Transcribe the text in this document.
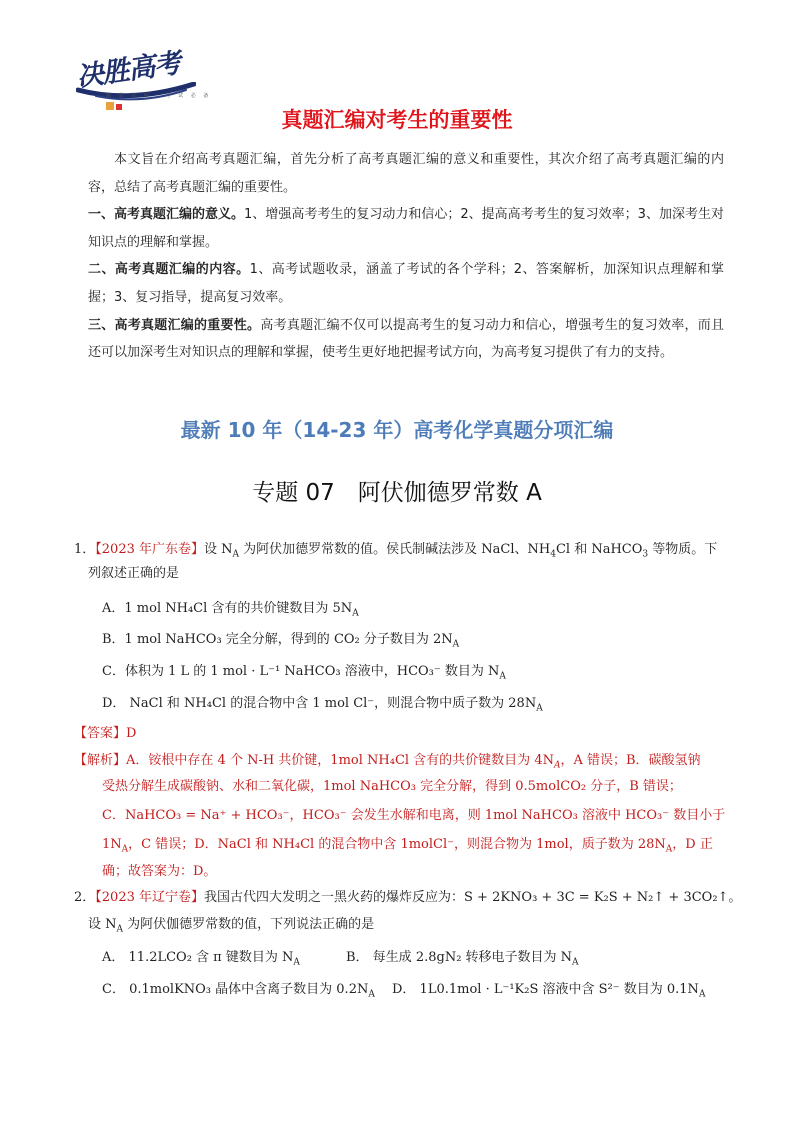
决胜高考
精 品 资 料 · 考 试 必 备
真题汇编对考生的重要性

本文旨在介绍高考真题汇编，首先分析了高考真题汇编的意义和重要性，其次介绍了高考真题汇编的内容，总结了高考真题汇编的重要性。

一、高考真题汇编的意义。1、增强高考考生的复习动力和信心；2、提高高考考生的复习效率；3、加深考生对知识点的理解和掌握。

二、高考真题汇编的内容。1、高考试题收录，涵盖了考试的各个学科；2、答案解析，加深知识点理解和掌握；3、复习指导，提高复习效率。

三、高考真题汇编的重要性。高考真题汇编不仅可以提高考生的复习动力和信心，增强考生的复习效率，而且还可以加深考生对知识点的理解和掌握，使考生更好地把握考试方向，为高考复习提供了有力的支持。

最新 10 年（14-23 年）高考化学真题分项汇编
专题 07　阿伏伽德罗常数 A
1．【2023 年广东卷】设 $N_A$ 为阿伏加德罗常数的值。侯氏制碱法涉及 NaCl、$NH_4Cl$ 和 NaHCO$_3$ 等物质。下
列叙述正确的是
A．1 mol NH₄Cl 含有的共价键数目为 $5N_A$
B．1 mol NaHCO₃ 完全分解，得到的 CO₂ 分子数目为 $2N_A$
C．体积为 1 L 的 1 mol · L⁻¹ NaHCO₃ 溶液中，HCO₃⁻ 数目为 $N_A$
D． NaCl 和 NH₄Cl 的混合物中含 1 mol Cl⁻，则混合物中质子数为 $28N_A$
【答案】D
【解析】A．铵根中存在 4 个 N-H 共价键，1mol NH₄Cl 含有的共价键数目为 $4N_A$，A 错误；B．碳酸氢钠
受热分解生成碳酸钠、水和二氧化碳，1mol NaHCO₃ 完全分解，得到 0.5molCO₂ 分子，B 错误；
C．NaHCO₃ = Na⁺ + HCO₃⁻，HCO₃⁻ 会发生水解和电离，则 1mol NaHCO₃ 溶液中 HCO₃⁻ 数目小于
$1N_A$，C 错误；D．NaCl 和 NH₄Cl 的混合物中含 1molCl⁻，则混合物为 1mol，质子数为 $28N_A$，D 正
确；故答案为：D。
2．【2023 年辽宁卷】我国古代四大发明之一黑火药的爆炸反应为：S + 2KNO₃ + 3C = K₂S + N₂↑ + 3CO₂↑。
设 $N_A$ 为阿伏伽德罗常数的值，下列说法正确的是
A． 11.2LCO₂ 含 π 键数目为 $N_A$	B． 每生成 2.8gN₂ 转移电子数目为 $N_A$
C． 0.1molKNO₃ 晶体中含离子数目为 $0.2N_A$ D． 1L0.1mol · L⁻¹K₂S 溶液中含 S²⁻ 数目为 $0.1N_A$
